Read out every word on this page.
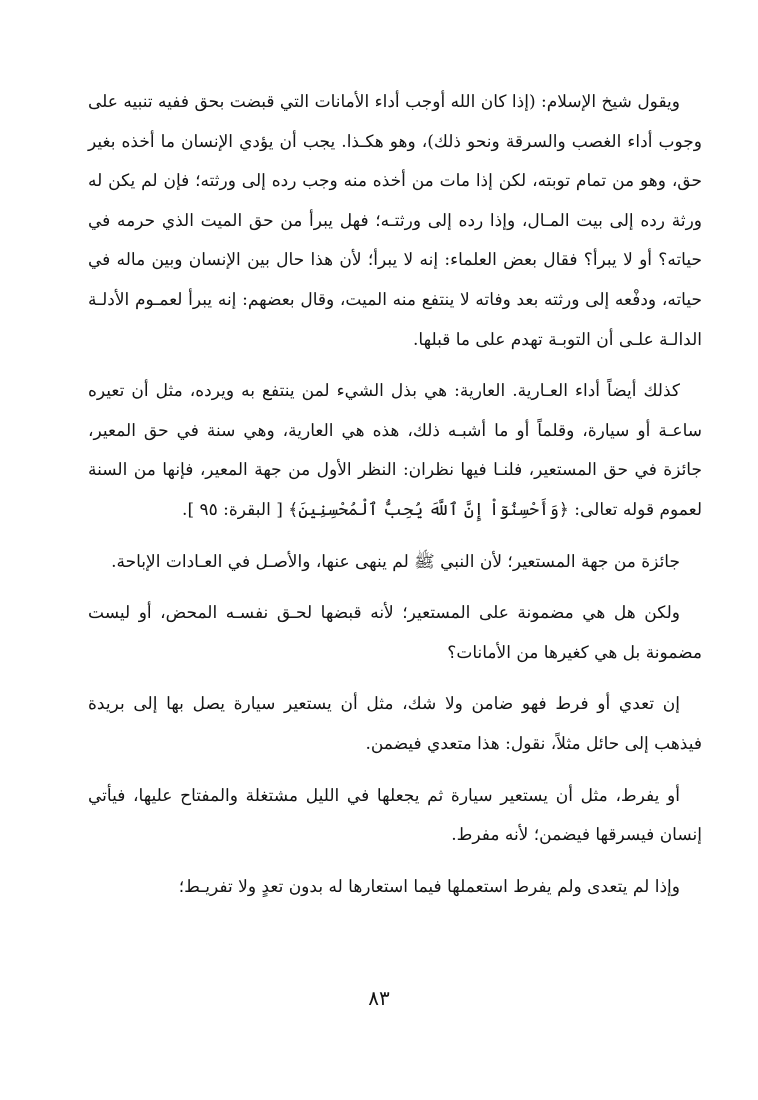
ويقول شيخ الإسلام: (إذا كان الله أوجب أداء الأمانات التي قبضت بحق ففيه تنبيه على وجوب أداء الغصب والسرقة ونحو ذلك)، وهو هكـذا. يجب أن يؤدي الإنسان ما أخذه بغير حق، وهو من تمام توبته، لكن إذا مات من أخذه منه وجب رده إلى ورثته؛ فإن لم يكن له ورثة رده إلى بيت المـال، وإذا رده إلى ورثتـه؛ فهل يبرأ من حق الميت الذي حرمه في حياته؟ أو لا يبرأ؟ فقال بعض العلماء: إنه لا يبرأ؛ لأن هذا حال بين الإنسان وبين ماله في حياته، ودفْعه إلى ورثته بعد وفاته لا ينتفع منه الميت، وقال بعضهم: إنه يبرأ لعمـوم الأدلـة الدالـة علـى أن التوبـة تهدم على ما قبلها.

كذلك أيضاً أداء العـارية. العارية: هي بذل الشيء لمن ينتفع به ويرده، مثل أن تعيره ساعـة أو سيارة، وقلماً أو ما أشبـه ذلك، هذه هي العارية، وهي سنة في حق المعير، جائزة في حق المستعير، فلنـا فيها نظران: النظر الأول من جهة المعير، فإنها من السنة لعموم قوله تعالى: ﴿وَأَحْسِنُوٓاْ إِنَّ ٱللَّهَ يُحِبُّ ٱلْمُحْسِنِينَ﴾ [ البقرة: ٩٥ ].

جائزة من جهة المستعير؛ لأن النبي ﷺ لم ينهى عنها، والأصـل في العـادات الإباحة.

ولكن هل هي مضمونة على المستعير؛ لأنه قبضها لحـق نفسـه المحض، أو ليست مضمونة بل هي كغيرها من الأمانات؟

إن تعدي أو فرط فهو ضامن ولا شك، مثل أن يستعير سيارة يصل بها إلى بريدة فيذهب إلى حائل مثلاً، نقول: هذا متعدي فيضمن.

أو يفرط، مثل أن يستعير سيارة ثم يجعلها في الليل مشتغلة والمفتاح عليها، فيأتي إنسان فيسرقها فيضمن؛ لأنه مفرط.

وإذا لم يتعدى ولم يفرط استعملها فيما استعارها له بدون تعدٍ ولا تفريـط؛

٨٣
